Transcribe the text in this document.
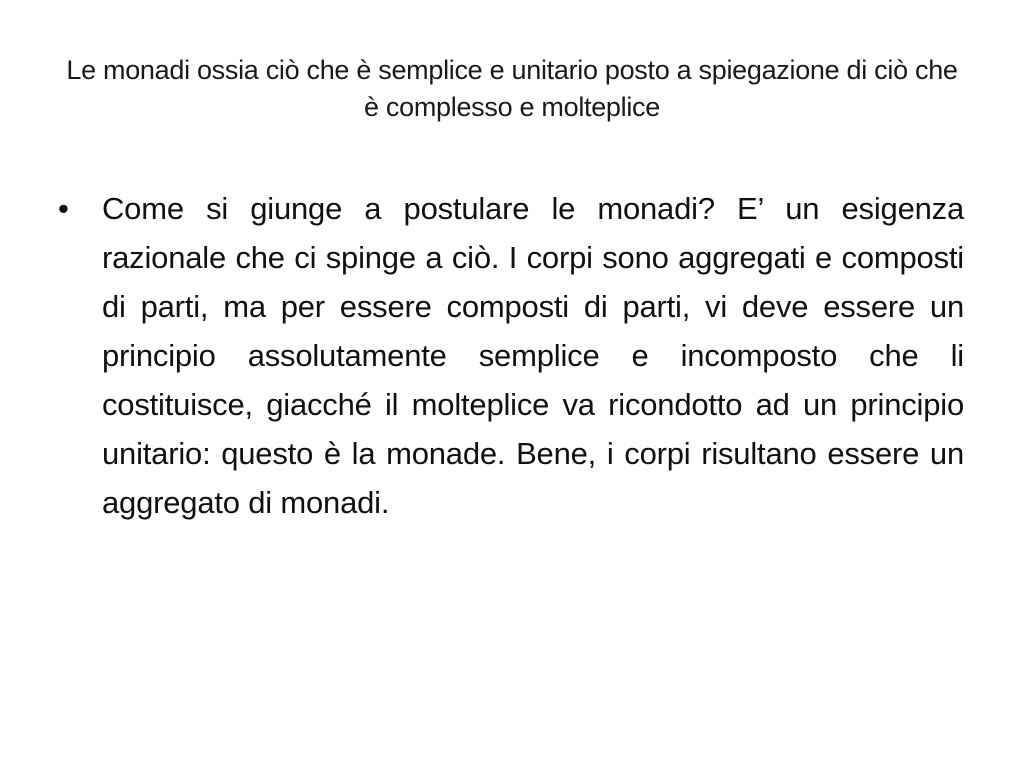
Le monadi ossia ciò che è semplice e unitario posto a spiegazione di ciò che è complesso e molteplice
•	Come si giunge a postulare le monadi? E’ un esigenza razionale che ci spinge a ciò. I corpi sono aggregati e composti di parti, ma per essere composti di parti, vi deve essere un principio assolutamente semplice e incomposto che li costituisce, giacché il molteplice va ricondotto ad un principio unitario: questo è la monade. Bene, i corpi risultano essere un aggregato di monadi.
